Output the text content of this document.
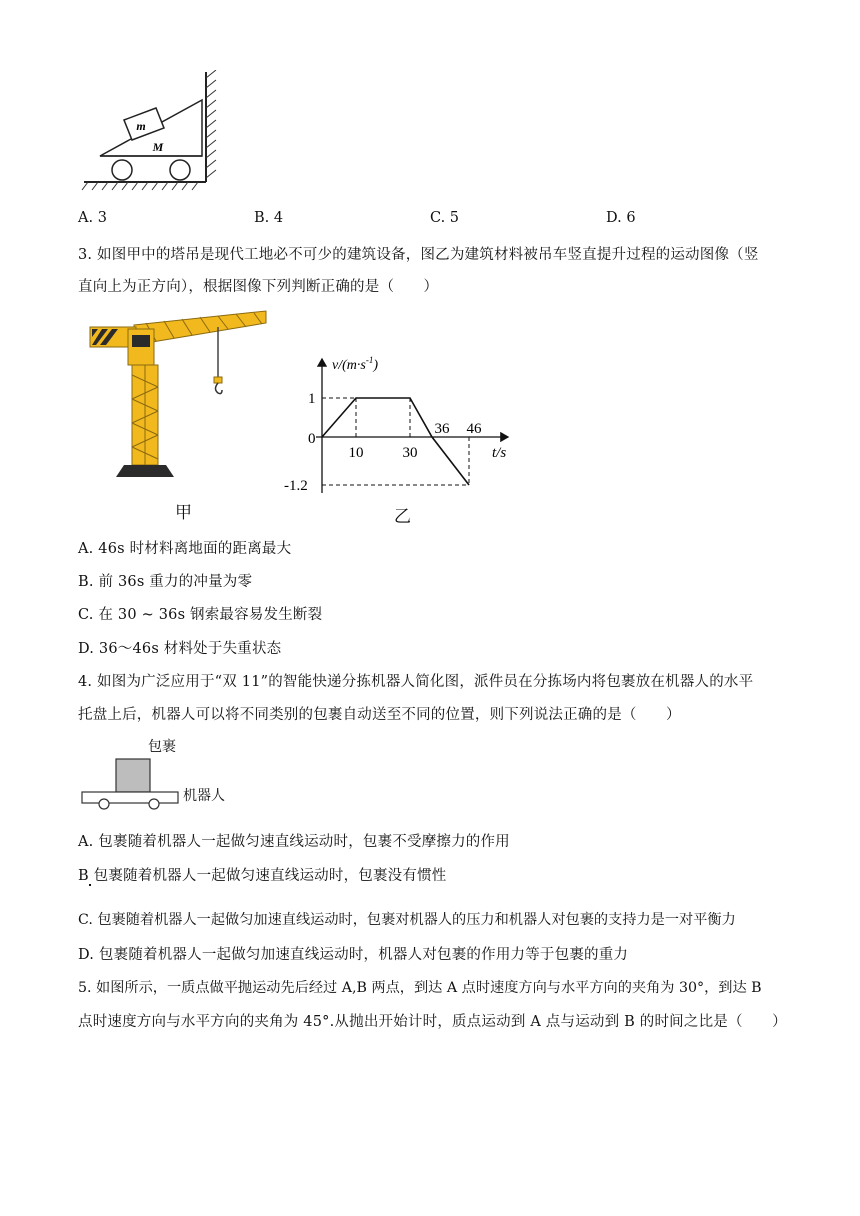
m
M
A. 3	B. 4	C. 5	D. 6
3. 如图甲中的塔吊是现代工地必不可少的建筑设备，图乙为建筑材料被吊车竖直提升过程的运动图像（竖
直向上为正方向），根据图像下列判断正确的是（　　）
甲
$v/(m\cdot s^{-1})$
t/s
0
1
-1.2
10	30
36 46
乙
A. 46s 时材料离地面的距离最大
B. 前 36s 重力的冲量为零
C. 在 30 ~ 36s 钢索最容易发生断裂
D. 36～46s 材料处于失重状态
4. 如图为广泛应用于“双 11”的智能快递分拣机器人简化图，派件员在分拣场内将包裹放在机器人的水平
托盘上后，机器人可以将不同类别的包裹自动送至不同的位置，则下列说法正确的是（　　）
包裹
机器人
A. 包裹随着机器人一起做匀速直线运动时，包裹不受摩擦力的作用
B 包裹随着机器人一起做匀速直线运动时，包裹没有惯性
C. 包裹随着机器人一起做匀加速直线运动时，包裹对机器人的压力和机器人对包裹的支持力是一对平衡力
D. 包裹随着机器人一起做匀加速直线运动时，机器人对包裹的作用力等于包裹的重力
5. 如图所示，一质点做平抛运动先后经过 A,B 两点，到达 A 点时速度方向与水平方向的夹角为 30°，到达 B
点时速度方向与水平方向的夹角为 45°.从抛出开始计时，质点运动到 A 点与运动到 B 的时间之比是（　　）
